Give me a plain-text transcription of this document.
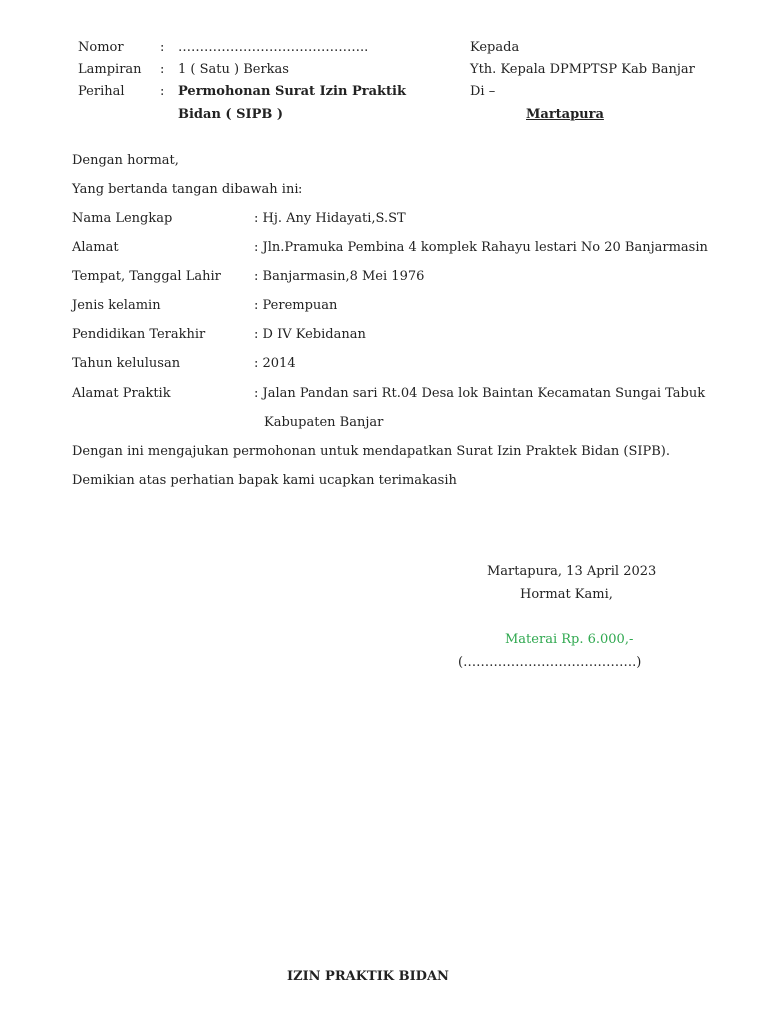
Nomor	: ……………………………………..
Lampiran : 1 ( Satu ) Berkas
Perihal	: Permohonan Surat Izin Praktik
Bidan ( SIPB )
Kepada
Yth. Kepala DPMPTSP Kab Banjar
Di –
Martapura
Dengan hormat,
Yang bertanda tangan dibawah ini :
Nama Lengkap	: Hj. Any Hidayati,S.ST
Alamat	: Jln.Pramuka Pembina 4 komplek Rahayu lestari No 20 Banjarmasin
Tempat, Tanggal Lahir	: Banjarmasin,8 Mei 1976
Jenis kelamin	: Perempuan
Pendidikan Terakhir	: D IV Kebidanan
Tahun kelulusan	: 2014
Alamat Praktik	: Jalan Pandan sari Rt.04 Desa lok Baintan Kecamatan Sungai Tabuk
Kabupaten Banjar
Dengan ini mengajukan permohonan untuk mendapatkan Surat Izin Praktek Bidan (SIPB).
Demikian atas perhatian bapak kami ucapkan terimakasih
Martapura, 13 April 2023
Hormat Kami,
Materai Rp. 6.000,-
(………………………………….)
IZIN PRAKTIK BIDAN
